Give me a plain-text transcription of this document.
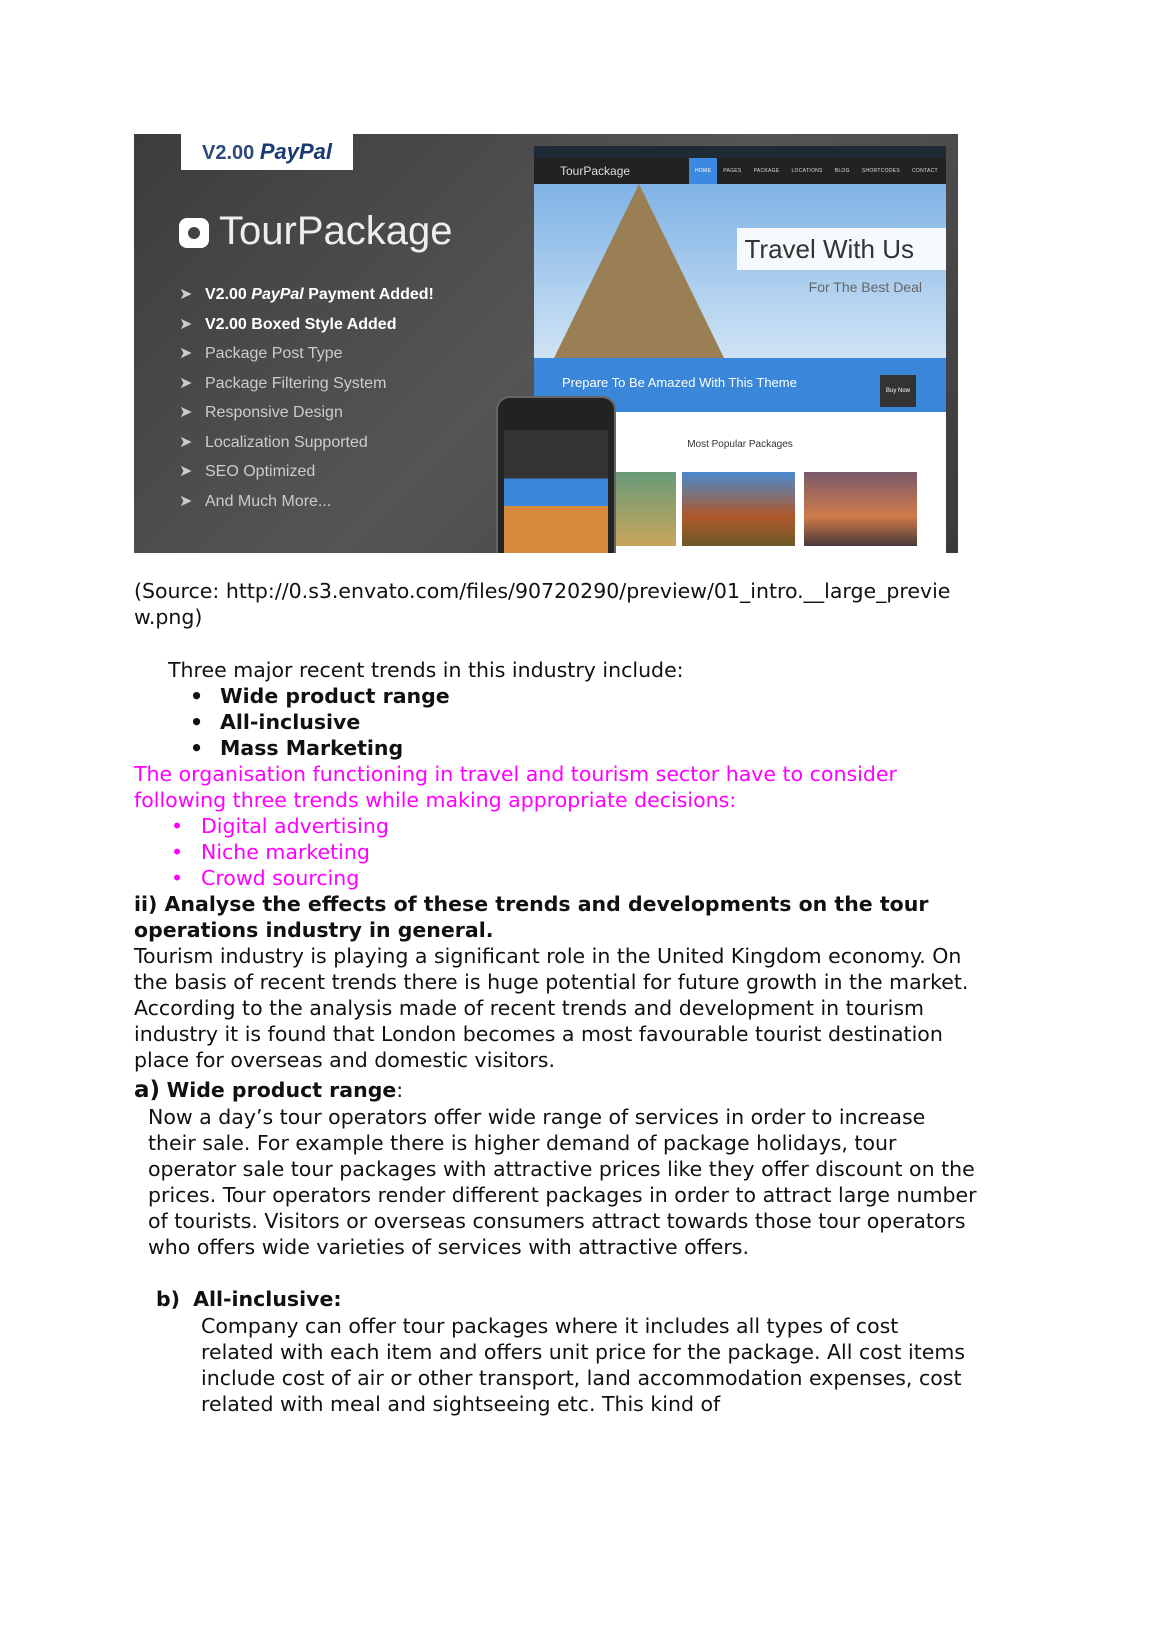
V2.00 PayPal
TourPackage
➤ V2.00 PayPal Payment Added!
➤ V2.00 Boxed Style Added
➤ Package Post Type
➤ Package Filtering System
➤ Responsive Design
➤ Localization Supported
➤ SEO Optimized
➤ And Much More...
TourPackage	HOME PAGES PACKAGE LOCATIONS BLOG SHORTCODES CONTACT
Travel With Us
For The Best Deal
Prepare To Be Amazed With This Theme
Buy Now
Most Popular Packages

(Source: http://0.s3.envato.com/files/90720290/preview/01_intro.__large_preview.png)

Three major recent trends in this industry include:

• Wide product range
• All-inclusive
• Mass Marketing

The organisation functioning in travel and tourism sector have to consider following three trends while making appropriate decisions:

• Digital advertising
• Niche marketing
• Crowd sourcing

ii) Analyse the effects of these trends and developments on the tour operations industry in general.

Tourism industry is playing a significant role in the United Kingdom economy. On the basis of recent trends there is huge potential for future growth in the market. According to the analysis made of recent trends and development in tourism industry it is found that London becomes a most favourable tourist destination place for overseas and domestic visitors.

a) Wide product range:

Now a day’s tour operators offer wide range of services in order to increase their sale. For example there is higher demand of package holidays, tour operator sale tour packages with attractive prices like they offer discount on the prices. Tour operators render different packages in order to attract large number of tourists. Visitors or overseas consumers attract towards those tour operators who offers wide varieties of services with attractive offers.

b) All-inclusive:

Company can offer tour packages where it includes all types of cost related with each item and offers unit price for the package. All cost items include cost of air or other transport, land accommodation expenses, cost related with meal and sightseeing etc. This kind of
